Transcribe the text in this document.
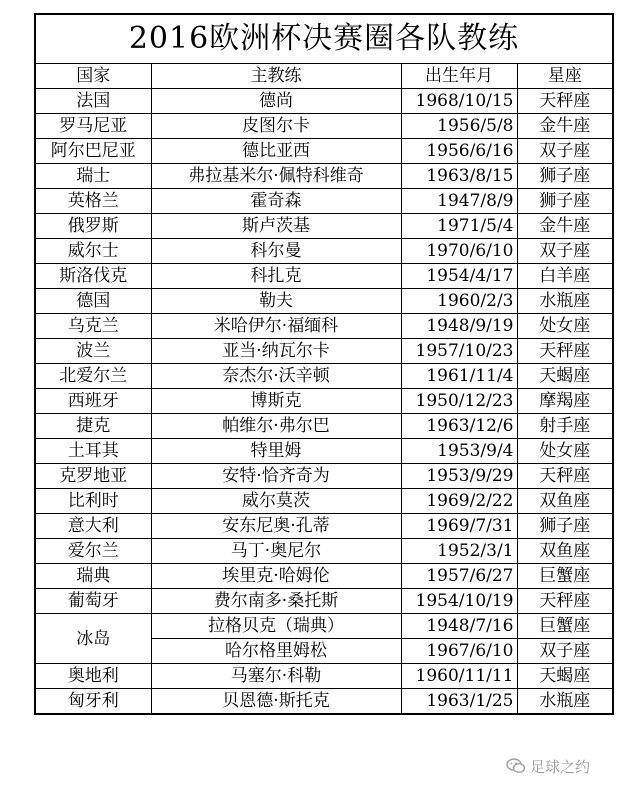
2016欧洲杯决赛圈各队教练
国家	主教练	出生年月	星座
法国	德尚	1968/10/15	天秤座
罗马尼亚	皮图尔卡	1956/5/8	金牛座
阿尔巴尼亚	德比亚西	1956/6/16	双子座
瑞士	弗拉基米尔·佩特科维奇	1963/8/15	狮子座
英格兰	霍奇森	1947/8/9	狮子座
俄罗斯	斯卢茨基	1971/5/4	金牛座
威尔士	科尔曼	1970/6/10	双子座
斯洛伐克	科扎克	1954/4/17	白羊座
德国	勒夫	1960/2/3	水瓶座
乌克兰	米哈伊尔·福缅科	1948/9/19	处女座
波兰	亚当·纳瓦尔卡	1957/10/23	天秤座
北爱尔兰	奈杰尔·沃辛顿	1961/11/4	天蝎座
西班牙	博斯克	1950/12/23	摩羯座
捷克	帕维尔·弗尔巴	1963/12/6	射手座
土耳其	特里姆	1953/9/4	处女座
克罗地亚	安特·恰齐奇为	1953/9/29	天秤座
比利时	威尔莫茨	1969/2/22	双鱼座
意大利	安东尼奥·孔蒂	1969/7/31	狮子座
爱尔兰	马丁·奥尼尔	1952/3/1	双鱼座
瑞典	埃里克·哈姆伦	1957/6/27	巨蟹座
葡萄牙	费尔南多·桑托斯	1954/10/19	天秤座
冰岛	拉格贝克（瑞典）	1948/7/16	巨蟹座
	哈尔格里姆松	1967/6/10	双子座
奥地利	马塞尔·科勒	1960/11/11	天蝎座
匈牙利	贝恩德·斯托克	1963/1/25	水瓶座
足球之约
